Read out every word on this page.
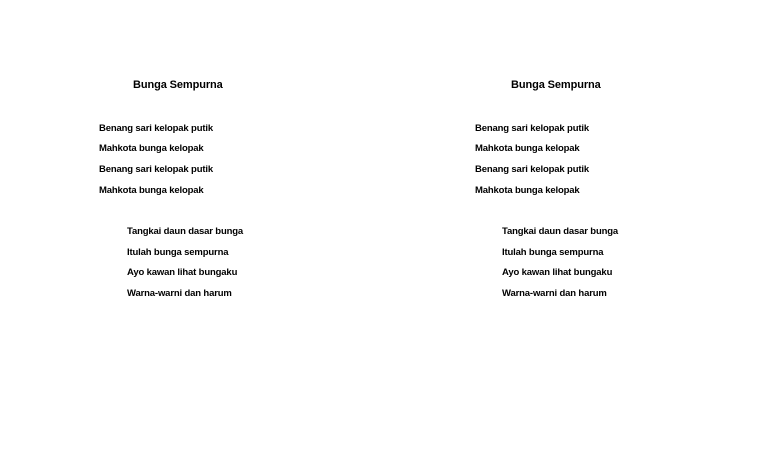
Bunga Sempurna
Benang sari kelopak putik
Mahkota bunga kelopak
Benang sari kelopak putik
Mahkota bunga kelopak
Tangkai daun dasar bunga
Itulah bunga sempurna
Ayo kawan lihat bungaku
Warna-warni dan harum
Bunga Sempurna
Benang sari kelopak putik
Mahkota bunga kelopak
Benang sari kelopak putik
Mahkota bunga kelopak
Tangkai daun dasar bunga
Itulah bunga sempurna
Ayo kawan lihat bungaku
Warna-warni dan harum
